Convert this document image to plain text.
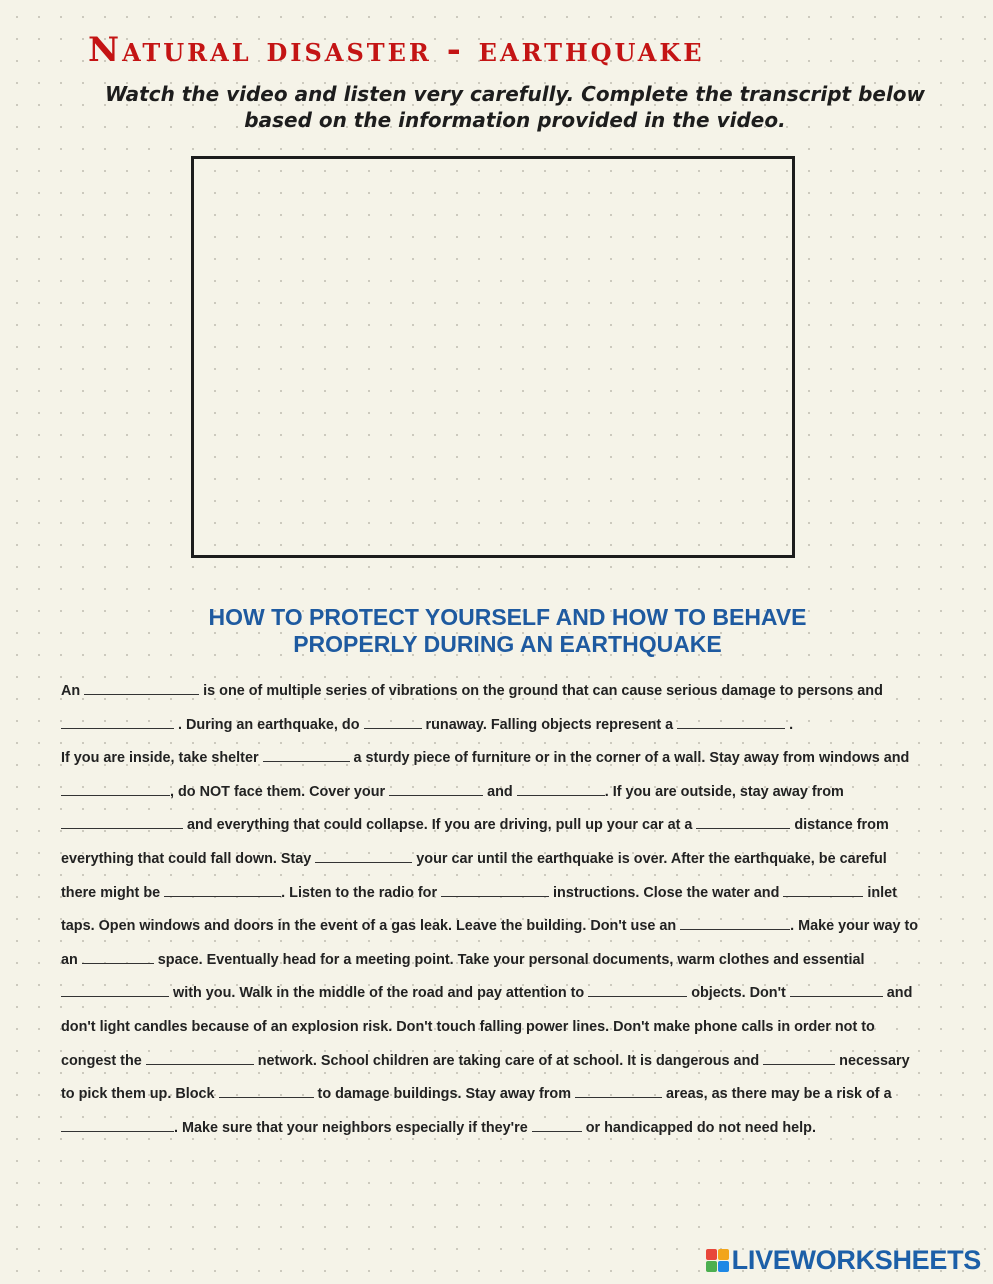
Natural disaster - earthquake

Watch the video and listen very carefully. Complete the transcript below based on the information provided in the video.

HOW TO PROTECT YOURSELF AND HOW TO BEHAVE
PROPERLY DURING AN EARTHQUAKE
An	is one of multiple series of vibrations on the ground that can cause serious damage to persons and
. During an earthquake, do	runaway. Falling objects represent a	.
If you are inside, take shelter	a sturdy piece of furniture or in the corner of a wall. Stay away from windows and
, do NOT face them. Cover your	and	. If you are outside, stay away from
and everything that could collapse. If you are driving, pull up your car at a	distance from
everything that could fall down. Stay	your car until the earthquake is over. After the earthquake, be careful
there might be	. Listen to the radio for	instructions. Close the water and	inlet
taps. Open windows and doors in the event of a gas leak. Leave the building. Don't use an	. Make your way to
an	space. Eventually head for a meeting point. Take your personal documents, warm clothes and essential
with you. Walk in the middle of the road and pay attention to	objects. Don't	and
don't light candles because of an explosion risk. Don't touch falling power lines. Don't make phone calls in order not to
congest the	network. School children are taking care of at school. It is dangerous and	necessary
to pick them up. Block	to damage buildings. Stay away from	areas, as there may be a risk of a
. Make sure that your neighbors especially if they're	or handicapped do not need help.
LIVEWORKSHEETS
